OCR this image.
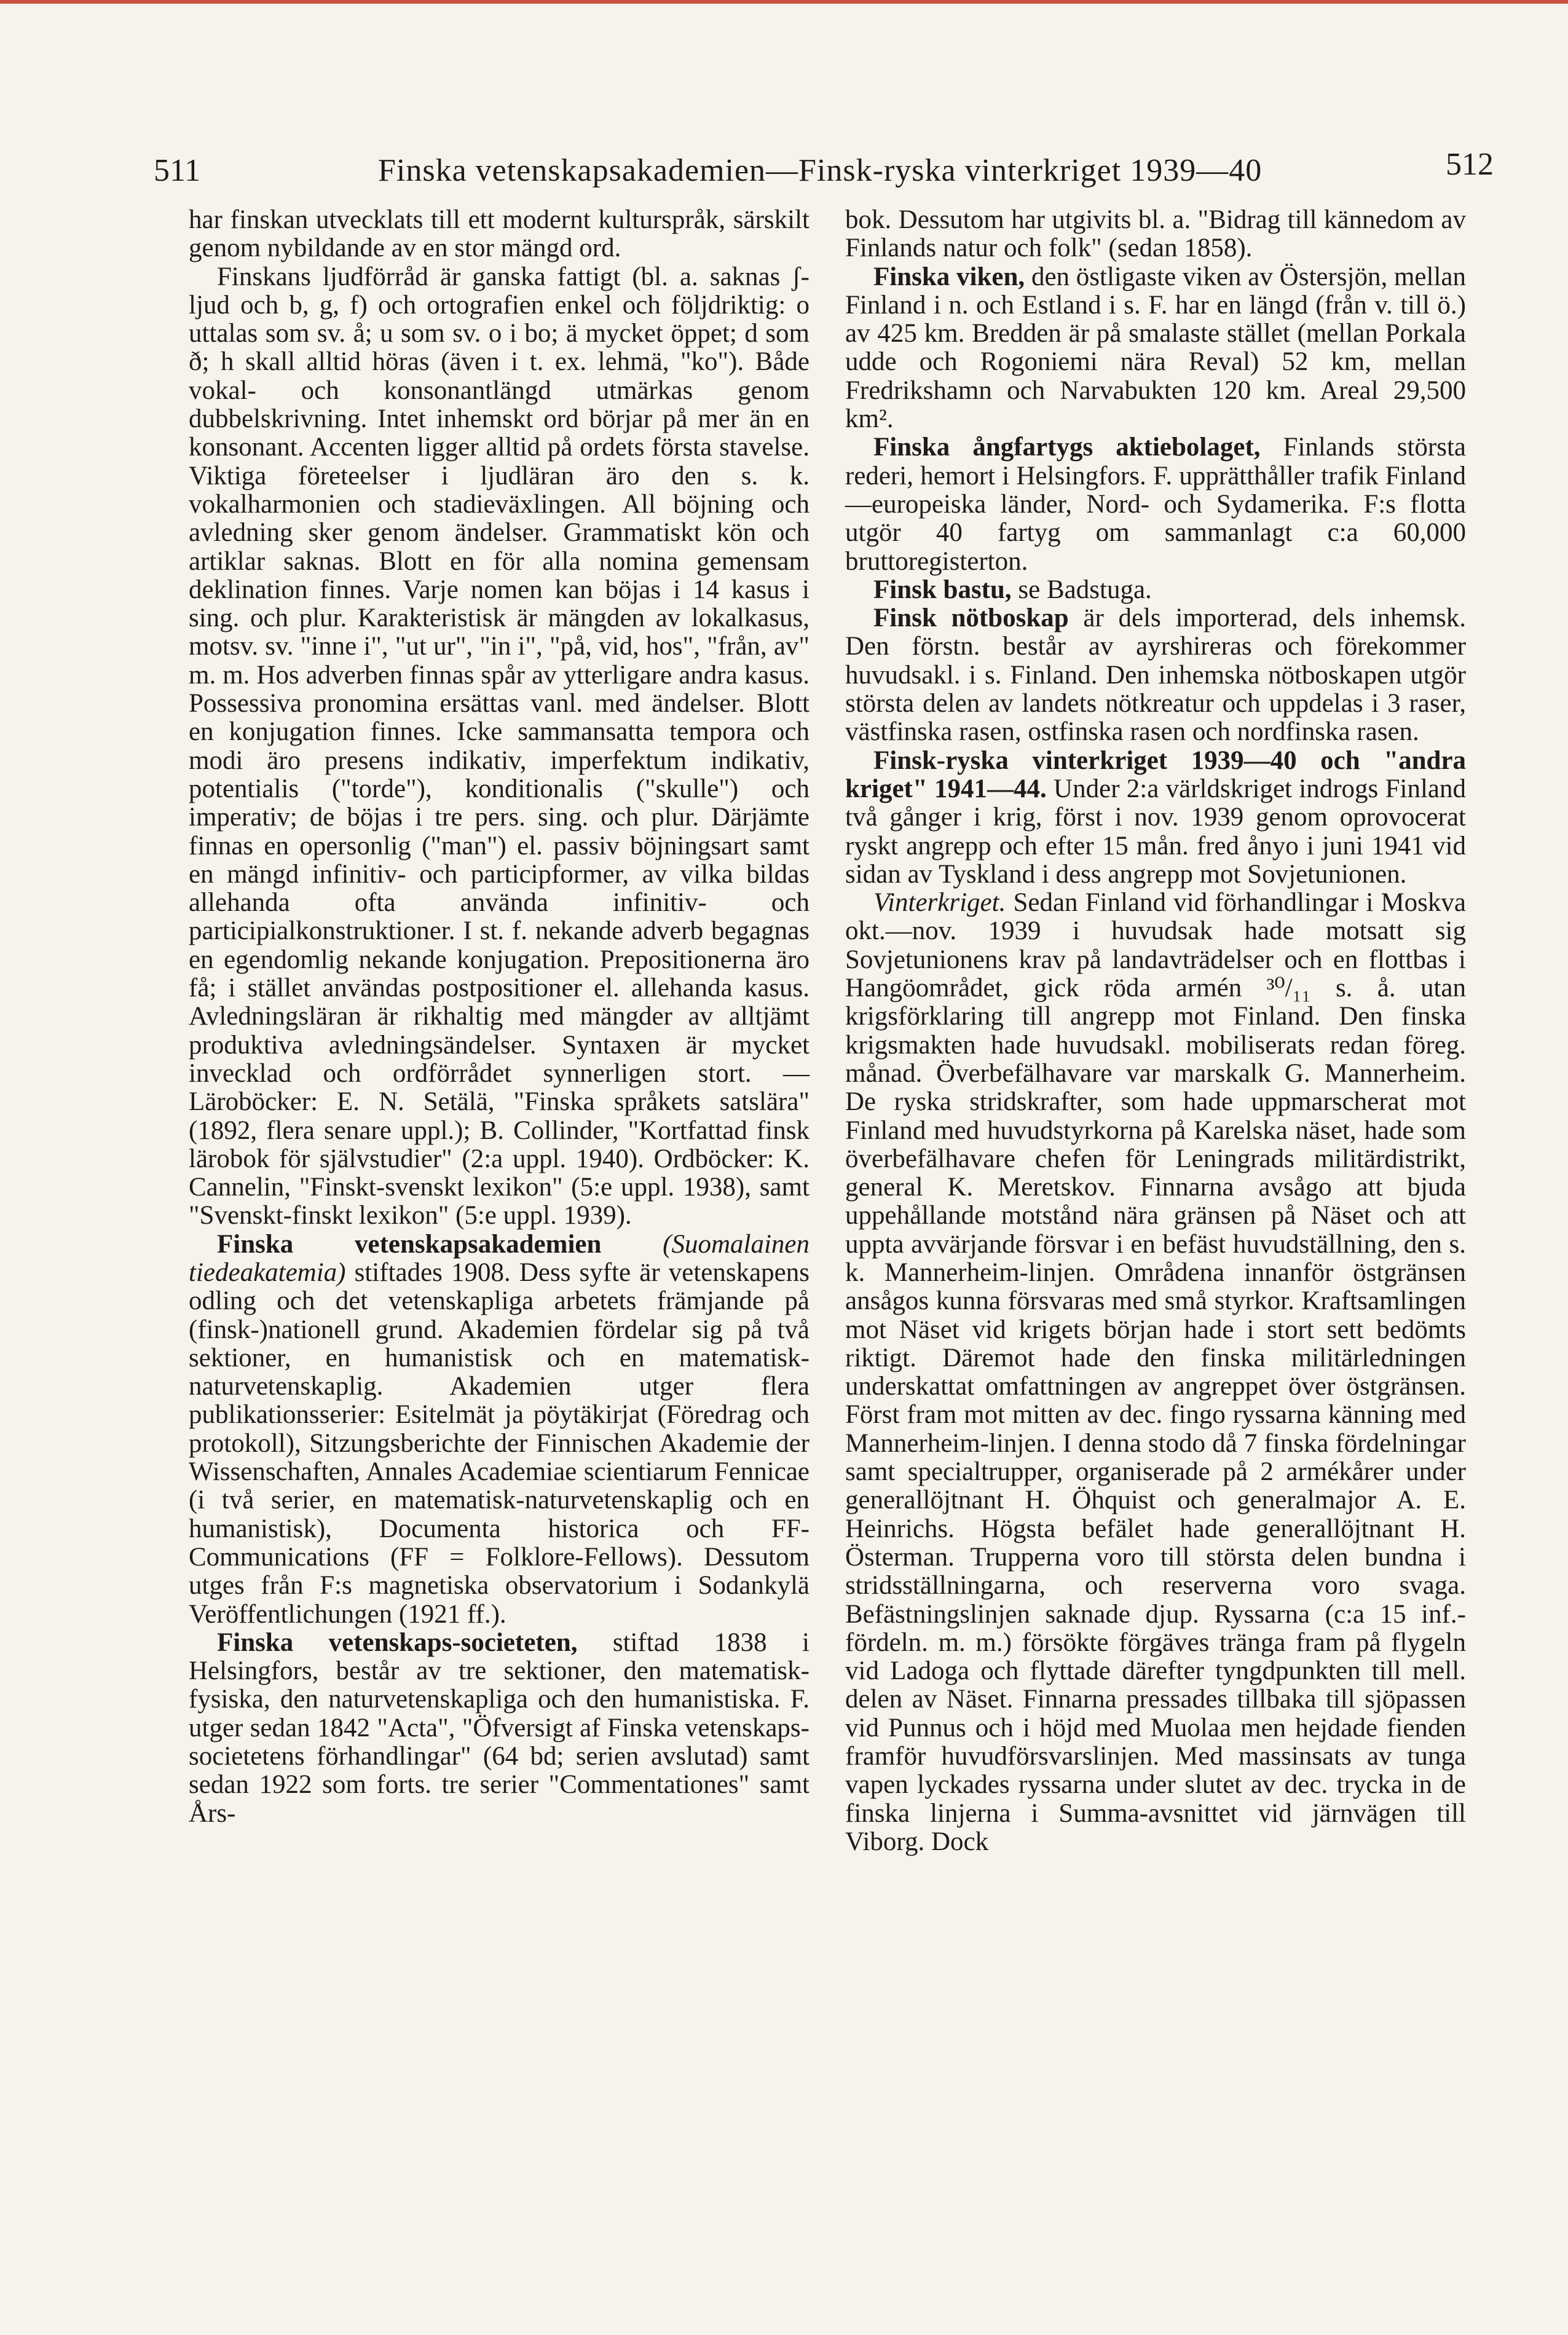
511	Finska vetenskapsakademien—Finsk-ryska vinterkriget 1939—40	512

har finskan utvecklats till ett modernt kulturspråk, särskilt genom nybildande av en stor mängd ord.

Finskans ljudförråd är ganska fattigt (bl. a. saknas ʃ-ljud och b, g, f) och ortografien enkel och följdriktig: o uttalas som sv. å; u som sv. o i bo; ä mycket öppet; d som ð; h skall alltid höras (även i t. ex. lehmä, "ko"). Både vokal- och konsonantlängd utmärkas genom dubbelskrivning. Intet inhemskt ord börjar på mer än en konsonant. Accenten ligger alltid på ordets första stavelse. Viktiga företeelser i ljudläran äro den s. k. vokalharmonien och stadieväxlingen. All böjning och avledning sker genom ändelser. Grammatiskt kön och artiklar saknas. Blott en för alla nomina gemensam deklination finnes. Varje nomen kan böjas i 14 kasus i sing. och plur. Karakteristisk är mängden av lokalkasus, motsv. sv. "inne i", "ut ur", "in i", "på, vid, hos", "från, av" m. m. Hos adverben finnas spår av ytterligare andra kasus. Possessiva pronomina ersättas vanl. med ändelser. Blott en konjugation finnes. Icke sammansatta tempora och modi äro presens indikativ, imperfektum indikativ, potentialis ("torde"), konditionalis ("skulle") och imperativ; de böjas i tre pers. sing. och plur. Därjämte finnas en opersonlig ("man") el. passiv böjningsart samt en mängd infinitiv- och participformer, av vilka bildas allehanda ofta använda infinitiv- och participialkonstruktioner. I st. f. nekande adverb begagnas en egendomlig nekande konjugation. Prepositionerna äro få; i stället användas postpositioner el. allehanda kasus. Avledningsläran är rikhaltig med mängder av alltjämt produktiva avledningsändelser. Syntaxen är mycket invecklad och ordförrådet synnerligen stort. — Läroböcker: E. N. Setälä, "Finska språkets satslära" (1892, flera senare uppl.); B. Collinder, "Kortfattad finsk lärobok för självstudier" (2:a uppl. 1940). Ordböcker: K. Cannelin, "Finskt-svenskt lexikon" (5:e uppl. 1938), samt "Svenskt-finskt lexikon" (5:e uppl. 1939).

Finska vetenskapsakademien (Suomalainen tiedeakatemia) stiftades 1908. Dess syfte är vetenskapens odling och det vetenskapliga arbetets främjande på (finsk-)nationell grund. Akademien fördelar sig på två sektioner, en humanistisk och en matematisk-naturvetenskaplig. Akademien utger flera publikationsserier: Esitelmät ja pöytäkirjat (Föredrag och protokoll), Sitzungsberichte der Finnischen Akademie der Wissenschaften, Annales Academiae scientiarum Fennicae (i två serier, en matematisk-naturvetenskaplig och en humanistisk), Documenta historica och FF-Communications (FF = Folklore-Fellows). Dessutom utges från F:s magnetiska observatorium i Sodankylä Veröffentlichungen (1921 ff.).

Finska vetenskaps-societeten, stiftad 1838 i Helsingfors, består av tre sektioner, den matematisk-fysiska, den naturvetenskapliga och den humanistiska. F. utger sedan 1842 "Acta", "Öfversigt af Finska vetenskaps-societetens förhandlingar" (64 bd; serien avslutad) samt sedan 1922 som forts. tre serier "Commentationes" samt Års-

bok. Dessutom har utgivits bl. a. "Bidrag till kännedom av Finlands natur och folk" (sedan 1858).

Finska viken, den östligaste viken av Östersjön, mellan Finland i n. och Estland i s. F. har en längd (från v. till ö.) av 425 km. Bredden är på smalaste stället (mellan Porkala udde och Rogoniemi nära Reval) 52 km, mellan Fredrikshamn och Narvabukten 120 km. Areal 29,500 km².

Finska ångfartygs aktiebolaget, Finlands största rederi, hemort i Helsingfors. F. upprätthåller trafik Finland—europeiska länder, Nord- och Sydamerika. F:s flotta utgör 40 fartyg om sammanlagt c:a 60,000 bruttoregisterton.

Finsk bastu, se Badstuga.

Finsk nötboskap är dels importerad, dels inhemsk. Den förstn. består av ayrshireras och förekommer huvudsakl. i s. Finland. Den inhemska nötboskapen utgör största delen av landets nötkreatur och uppdelas i 3 raser, västfinska rasen, ostfinska rasen och nordfinska rasen.

Finsk-ryska vinterkriget 1939—40 och "andra kriget" 1941—44. Under 2:a världskriget indrogs Finland två gånger i krig, först i nov. 1939 genom oprovocerat ryskt angrepp och efter 15 mån. fred ånyo i juni 1941 vid sidan av Tyskland i dess angrepp mot Sovjetunionen.

Vinterkriget. Sedan Finland vid förhandlingar i Moskva okt.—nov. 1939 i huvudsak hade motsatt sig Sovjetunionens krav på landavträdelser och en flottbas i Hangöområdet, gick röda armén ³⁰/₁₁ s. å. utan krigsförklaring till angrepp mot Finland. Den finska krigsmakten hade huvudsakl. mobiliserats redan föreg. månad. Överbefälhavare var marskalk G. Mannerheim. De ryska stridskrafter, som hade uppmarscherat mot Finland med huvudstyrkorna på Karelska näset, hade som överbefälhavare chefen för Leningrads militärdistrikt, general K. Meretskov. Finnarna avsågo att bjuda uppehållande motstånd nära gränsen på Näset och att uppta avvärjande försvar i en befäst huvudställning, den s. k. Mannerheim-linjen. Områdena innanför östgränsen ansågos kunna försvaras med små styrkor. Kraftsamlingen mot Näset vid krigets början hade i stort sett bedömts riktigt. Däremot hade den finska militärledningen underskattat omfattningen av angreppet över östgränsen. Först fram mot mitten av dec. fingo ryssarna känning med Mannerheim-linjen. I denna stodo då 7 finska fördelningar samt specialtrupper, organiserade på 2 armékårer under generallöjtnant H. Öhquist och generalmajor A. E. Heinrichs. Högsta befälet hade generallöjtnant H. Österman. Trupperna voro till största delen bundna i stridsställningarna, och reserverna voro svaga. Befästningslinjen saknade djup. Ryssarna (c:a 15 inf.-fördeln. m. m.) försökte förgäves tränga fram på flygeln vid Ladoga och flyttade därefter tyngdpunkten till mell. delen av Näset. Finnarna pressades tillbaka till sjöpassen vid Punnus och i höjd med Muolaa men hejdade fienden framför huvudförsvarslinjen. Med massinsats av tunga vapen lyckades ryssarna under slutet av dec. trycka in de finska linjerna i Summa-avsnittet vid järnvägen till Viborg. Dock
